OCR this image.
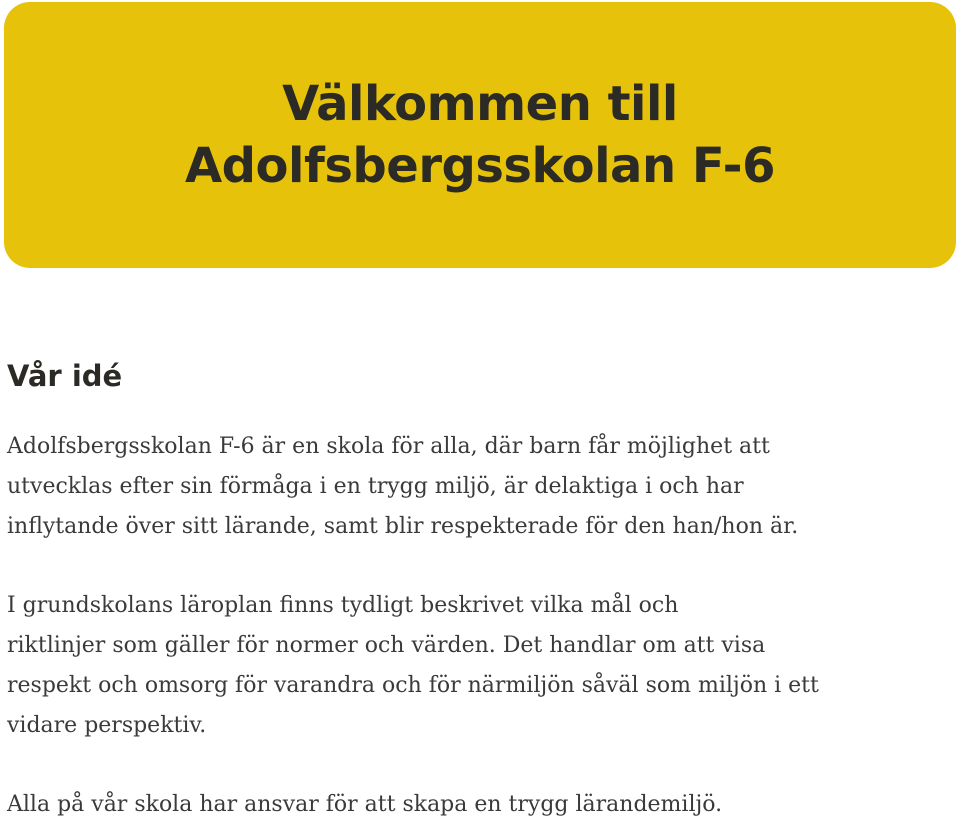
Välkommen till
Adolfsbergsskolan F-6
Vår idé

Adolfsbergsskolan F-6 är en skola för alla, där barn får möjlighet att
utvecklas efter sin förmåga i en trygg miljö, är delaktiga i och har
inflytande över sitt lärande, samt blir respekterade för den han/hon är.

I grundskolans läroplan finns tydligt beskrivet vilka mål och
riktlinjer som gäller för normer och värden. Det handlar om att visa
respekt och omsorg för varandra och för närmiljön såväl som miljön i ett
vidare perspektiv.

Alla på vår skola har ansvar för att skapa en trygg lärandemiljö.
